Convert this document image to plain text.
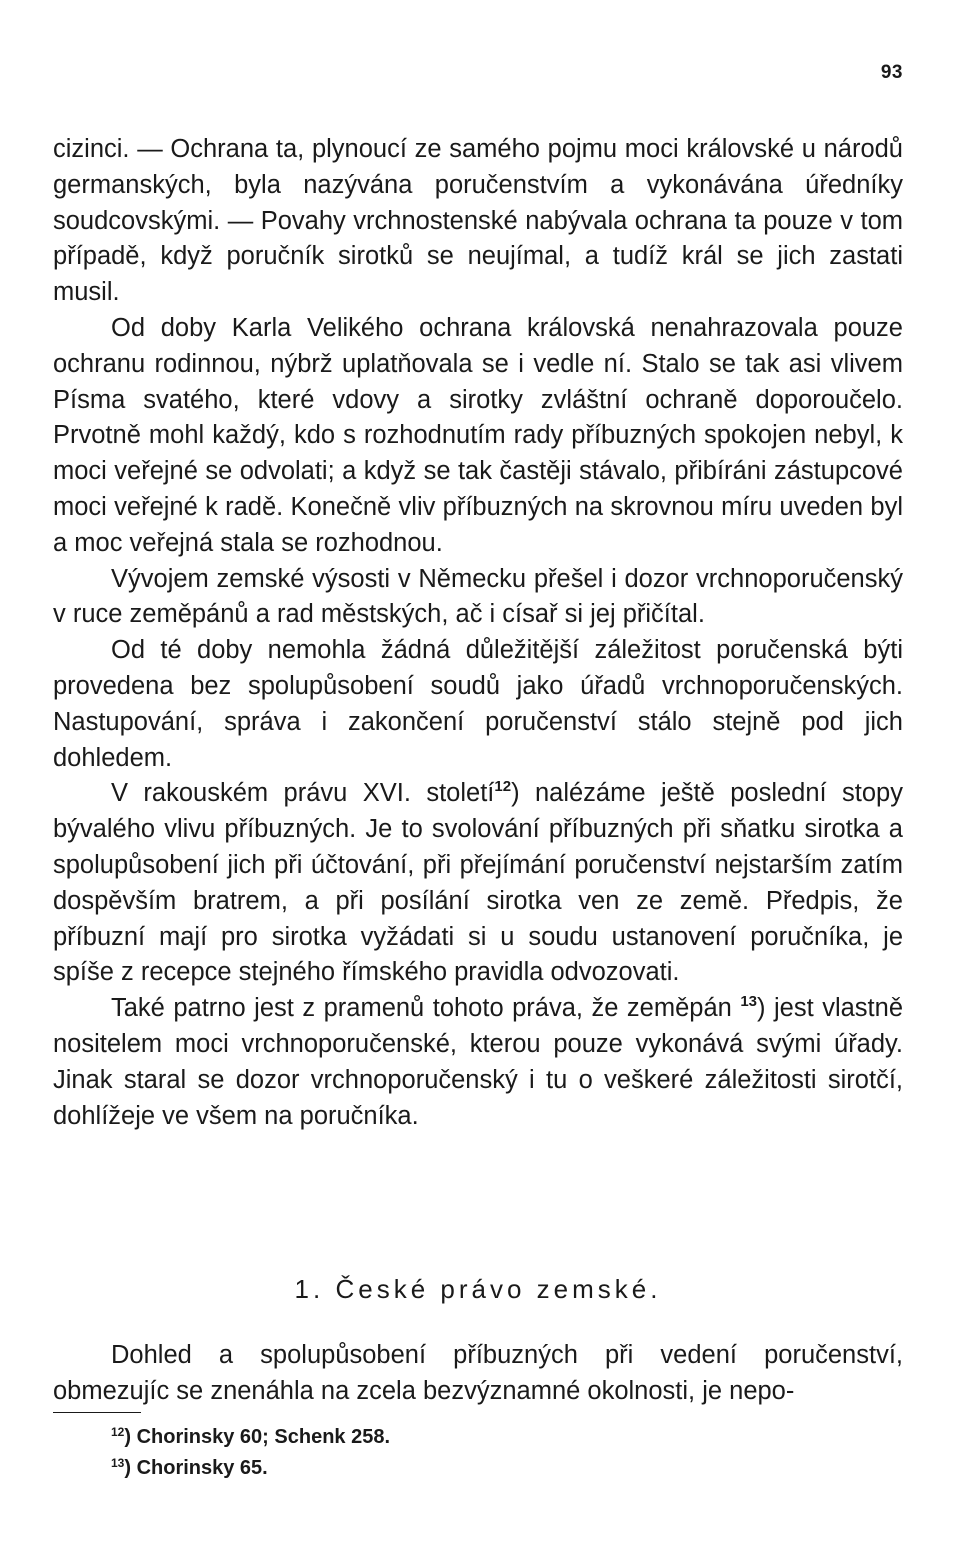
93

cizinci. — Ochrana ta, plynoucí ze samého pojmu moci královské u národů germanských, byla nazývána poručenstvím a vykonávána úředníky soudcovskými. — Povahy vrchnostenské nabývala ochrana ta pouze v tom případě, když poručník sirotků se neujímal, a tudíž král se jich zastati musil.

Od doby Karla Velikého ochrana královská nenahrazovala pouze ochranu rodinnou, nýbrž uplatňovala se i vedle ní. Stalo se tak asi vlivem Písma svatého, které vdovy a sirotky zvláštní ochraně doporoučelo. Prvotně mohl každý, kdo s rozhodnutím rady příbuzných spokojen nebyl, k moci veřejné se odvolati; a když se tak častěji stávalo, přibíráni zástupcové moci veřejné k radě. Konečně vliv příbuzných na skrovnou míru uveden byl a moc veřejná stala se rozhodnou.

Vývojem zemské výsosti v Německu přešel i dozor vrchnoporučenský v ruce zeměpánů a rad městských, ač i císař si jej přičítal.

Od té doby nemohla žádná důležitější záležitost poručenská býti provedena bez spolupůsobení soudů jako úřadů vrchnoporučenských. Nastupování, správa i zakončení poručenství stálo stejně pod jich dohledem.

V rakouském právu XVI. století$^{12}$) nalézáme ještě poslední stopy bývalého vlivu příbuzných. Je to svolování příbuzných při sňatku sirotka a spolupůsobení jich při účtování, při přejímání poručenství nejstarším zatím dospěvším bratrem, a při posílání sirotka ven ze země. Předpis, že příbuzní mají pro sirotka vyžádati si u soudu ustanovení poručníka, je spíše z recepce stejného římského pravidla odvozovati.

Také patrno jest z pramenů tohoto práva, že zeměpán $^{13}$) jest vlastně nositelem moci vrchnoporučenské, kterou pouze vykonává svými úřady. Jinak staral se dozor vrchnoporučenský i tu o veškeré záležitosti sirotčí, dohlížeje ve všem na poručníka.

1. České právo zemské.

Dohled a spolupůsobení příbuzných při vedení poručenství, obmezujíc se znenáhla na zcela bezvýznamné okolnosti, je nepo-

$^{12}$) Chorinsky 60; Schenk 258.
$^{13}$) Chorinsky 65.
